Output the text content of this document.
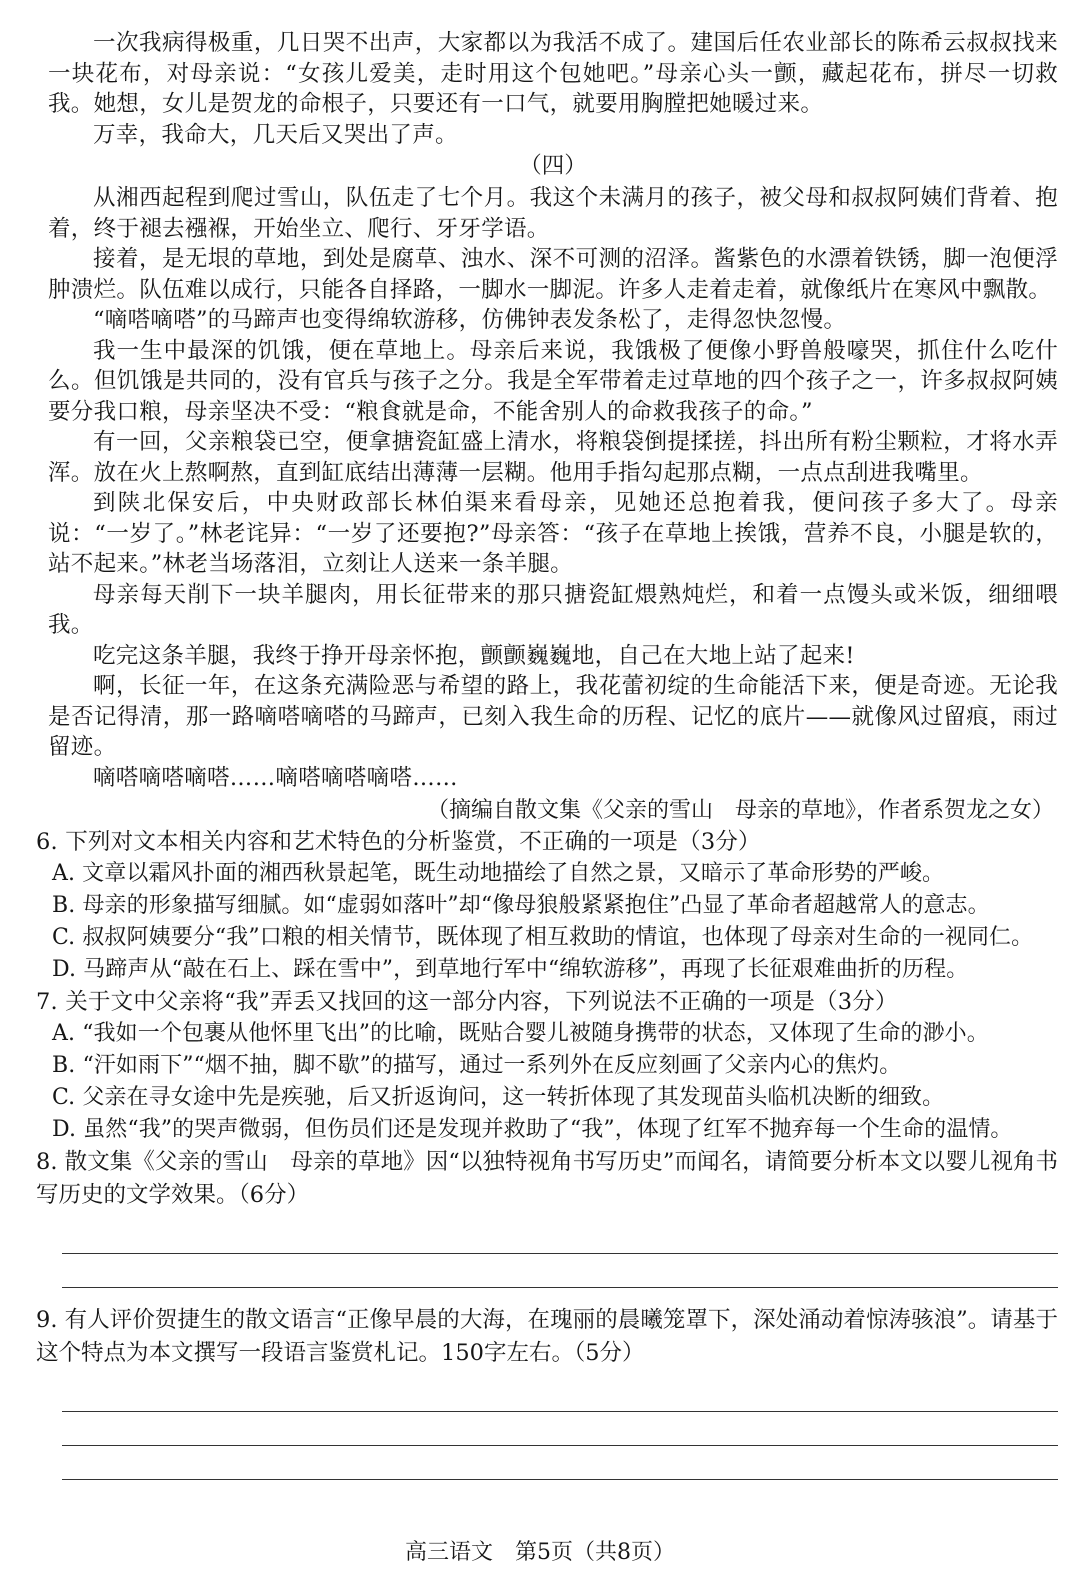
一次我病得极重，几日哭不出声，大家都以为我活不成了。建国后任农业部长的陈希云叔叔找来一块花布，对母亲说：“女孩儿爱美，走时用这个包她吧。”母亲心头一颤，藏起花布，拼尽一切救我。她想，女儿是贺龙的命根子，只要还有一口气，就要用胸膛把她暖过来。

万幸，我命大，几天后又哭出了声。

（四）

从湘西起程到爬过雪山，队伍走了七个月。我这个未满月的孩子，被父母和叔叔阿姨们背着、抱着，终于褪去襁褓，开始坐立、爬行、牙牙学语。

接着，是无垠的草地，到处是腐草、浊水、深不可测的沼泽。酱紫色的水漂着铁锈，脚一泡便浮肿溃烂。队伍难以成行，只能各自择路，一脚水一脚泥。许多人走着走着，就像纸片在寒风中飘散。

“嘀嗒嘀嗒”的马蹄声也变得绵软游移，仿佛钟表发条松了，走得忽快忽慢。

我一生中最深的饥饿，便在草地上。母亲后来说，我饿极了便像小野兽般嚎哭，抓住什么吃什么。但饥饿是共同的，没有官兵与孩子之分。我是全军带着走过草地的四个孩子之一，许多叔叔阿姨要分我口粮，母亲坚决不受：“粮食就是命，不能舍别人的命救我孩子的命。”

有一回，父亲粮袋已空，便拿搪瓷缸盛上清水，将粮袋倒提揉搓，抖出所有粉尘颗粒，才将水弄浑。放在火上熬啊熬，直到缸底结出薄薄一层糊。他用手指勾起那点糊，一点点刮进我嘴里。

到陕北保安后，中央财政部长林伯渠来看母亲，见她还总抱着我，便问孩子多大了。母亲说：“一岁了。”林老诧异：“一岁了还要抱?”母亲答：“孩子在草地上挨饿，营养不良，小腿是软的，站不起来。”林老当场落泪，立刻让人送来一条羊腿。

母亲每天削下一块羊腿肉，用长征带来的那只搪瓷缸煨熟炖烂，和着一点馒头或米饭，细细喂我。

吃完这条羊腿，我终于挣开母亲怀抱，颤颤巍巍地，自己在大地上站了起来!

啊，长征一年，在这条充满险恶与希望的路上，我花蕾初绽的生命能活下来，便是奇迹。无论我是否记得清，那一路嘀嗒嘀嗒的马蹄声，已刻入我生命的历程、记忆的底片——就像风过留痕，雨过留迹。

嘀嗒嘀嗒嘀嗒……嘀嗒嘀嗒嘀嗒……

（摘编自散文集《父亲的雪山　母亲的草地》，作者系贺龙之女）

6. 下列对文本相关内容和艺术特色的分析鉴赏，不正确的一项是（3分）

A. 文章以霜风扑面的湘西秋景起笔，既生动地描绘了自然之景，又暗示了革命形势的严峻。

B. 母亲的形象描写细腻。如“虚弱如落叶”却“像母狼般紧紧抱住”凸显了革命者超越常人的意志。

C. 叔叔阿姨要分“我”口粮的相关情节，既体现了相互救助的情谊，也体现了母亲对生命的一视同仁。

D. 马蹄声从“敲在石上、踩在雪中”，到草地行军中“绵软游移”，再现了长征艰难曲折的历程。

7. 关于文中父亲将“我”弄丢又找回的这一部分内容，下列说法不正确的一项是（3分）

A. “我如一个包裹从他怀里飞出”的比喻，既贴合婴儿被随身携带的状态，又体现了生命的渺小。

B. “汗如雨下”“烟不抽，脚不歇”的描写，通过一系列外在反应刻画了父亲内心的焦灼。

C. 父亲在寻女途中先是疾驰，后又折返询问，这一转折体现了其发现苗头临机决断的细致。

D. 虽然“我”的哭声微弱，但伤员们还是发现并救助了“我”，体现了红军不抛弃每一个生命的温情。

8. 散文集《父亲的雪山　母亲的草地》因“以独特视角书写历史”而闻名，请简要分析本文以婴儿视角书写历史的文学效果。（6分）

9. 有人评价贺捷生的散文语言“正像早晨的大海，在瑰丽的晨曦笼罩下，深处涌动着惊涛骇浪”。请基于这个特点为本文撰写一段语言鉴赏札记。150字左右。（5分）

高三语文　第5页（共8页）
